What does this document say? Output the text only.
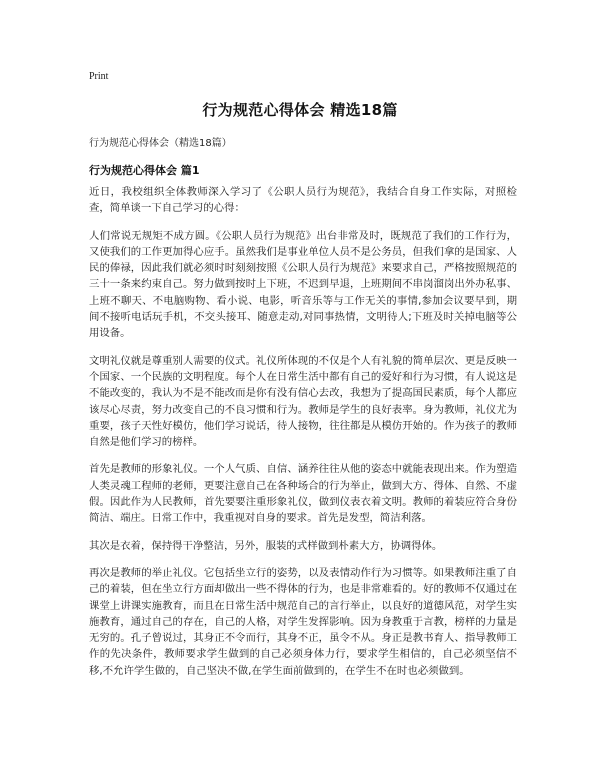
Print
行为规范心得体会 精选18篇
行为规范心得体会（精选18篇）
行为规范心得体会 篇1

近日，我校组织全体教师深入学习了《公职人员行为规范》，我结合自身工作实际，对照检查，简单谈一下自己学习的心得：

人们常说无规矩不成方圆。《公职人员行为规范》出台非常及时，既规范了我们的工作行为，又使我们的工作更加得心应手。虽然我们是事业单位人员不是公务员，但我们拿的是国家、人民的俸禄，因此我们就必须时时刻刻按照《公职人员行为规范》来要求自己，严格按照规范的三十一条来约束自己。努力做到按时上下班，不迟到早退，上班期间不串岗溜岗出外办私事、上班不聊天、不电脑购物、看小说、电影，听音乐等与工作无关的事情,参加会议要早到，期间不接听电话玩手机，不交头接耳、随意走动,对同事热情，文明待人;下班及时关掉电脑等公用设备。

文明礼仪就是尊重别人需要的仪式。礼仪所体现的不仅是个人有礼貌的简单层次、更是反映一个国家、一个民族的文明程度。每个人在日常生活中都有自己的爱好和行为习惯，有人说这是不能改变的，我认为不是不能改而是你有没有信心去改，我想为了提高国民素质，每个人都应该尽心尽责，努力改变自己的不良习惯和行为。教师是学生的良好表率。身为教师，礼仪尤为重要，孩子天性好模仿，他们学习说话，待人接物，往往都是从模仿开始的。作为孩子的教师自然是他们学习的榜样。

首先是教师的形象礼仪。一个人气质、自信、涵养往往从他的姿态中就能表现出来。作为塑造人类灵魂工程师的老师，更要注意自己在各种场合的行为举止，做到大方、得体、自然、不虚假。因此作为人民教师，首先要要注重形象礼仪，做到仪表衣着文明。教师的着装应符合身份简洁、端庄。日常工作中，我重视对自身的要求。首先是发型，简洁利落。

其次是衣着，保持得干净整洁，另外，服装的式样做到朴素大方，协调得体。

再次是教师的举止礼仪。它包括坐立行的姿势，以及表情动作行为习惯等。如果教师注重了自己的着装，但在坐立行方面却做出一些不得体的行为，也是非常难看的。好的教师不仅通过在课堂上讲课实施教育，而且在日常生活中规范自己的言行举止，以良好的道德风范，对学生实施教育，通过自己的存在，自己的人格，对学生发挥影响。因为身教重于言教，榜样的力量是无穷的。孔子曾说过，其身正不令而行，其身不正，虽令不从。身正是教书育人、指导教师工作的先决条件，教师要求学生做到的自己必须身体力行，要求学生相信的，自己必须坚信不移,不允许学生做的，自己坚决不做,在学生面前做到的，在学生不在时也必须做到。
